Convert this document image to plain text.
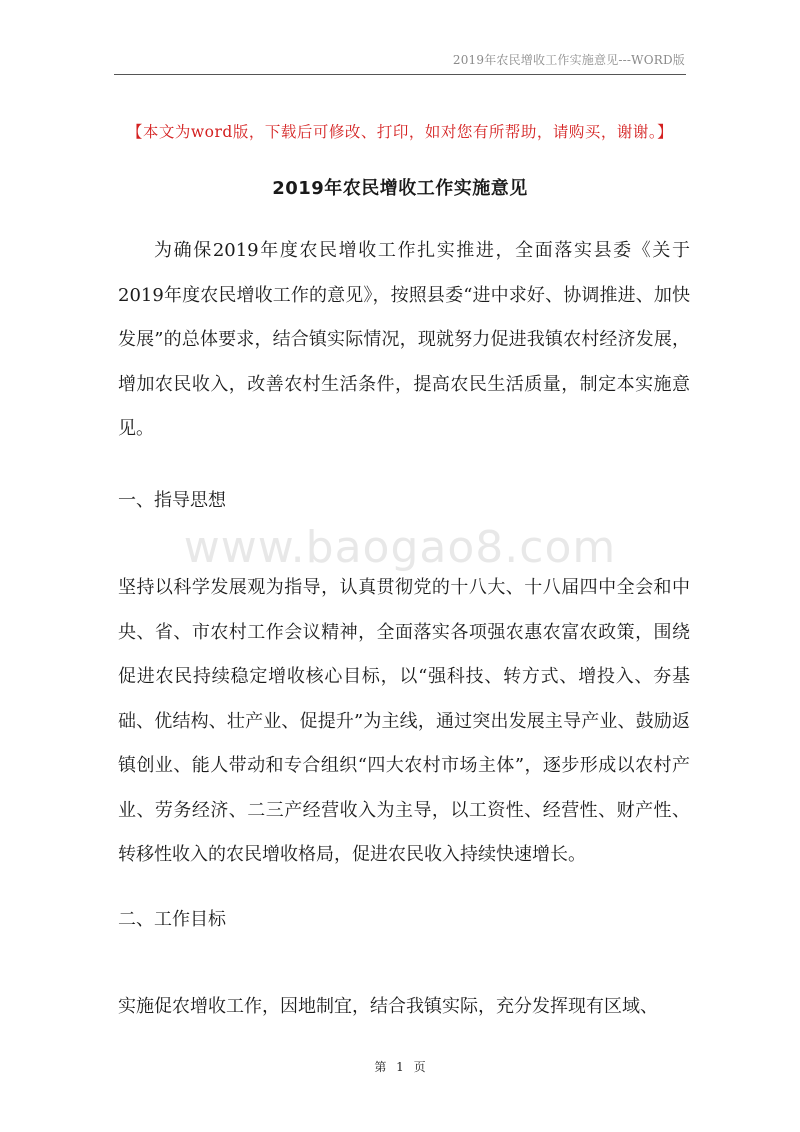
2019年农民增收工作实施意见---WORD版
【本文为word版，下载后可修改、打印，如对您有所帮助，请购买，谢谢。】
2019年农民增收工作实施意见
为确保2019年度农民增收工作扎实推进，全面落实县委《关于2019年度农民增收工作的意见》，按照县委“进中求好、协调推进、加快发展”的总体要求，结合镇实际情况，现就努力促进我镇农村经济发展，增加农民收入，改善农村生活条件，提高农民生活质量，制定本实施意见。
一、指导思想
www.baogao8.com
坚持以科学发展观为指导，认真贯彻党的十八大、十八届四中全会和中央、省、市农村工作会议精神，全面落实各项强农惠农富农政策，围绕促进农民持续稳定增收核心目标，以“强科技、转方式、增投入、夯基础、优结构、壮产业、促提升”为主线，通过突出发展主导产业、鼓励返镇创业、能人带动和专合组织“四大农村市场主体”，逐步形成以农村产业、劳务经济、二三产经营收入为主导，以工资性、经营性、财产性、转移性收入的农民增收格局，促进农民收入持续快速增长。
二、工作目标
实施促农增收工作，因地制宜，结合我镇实际，充分发挥现有区域、
第 1 页
